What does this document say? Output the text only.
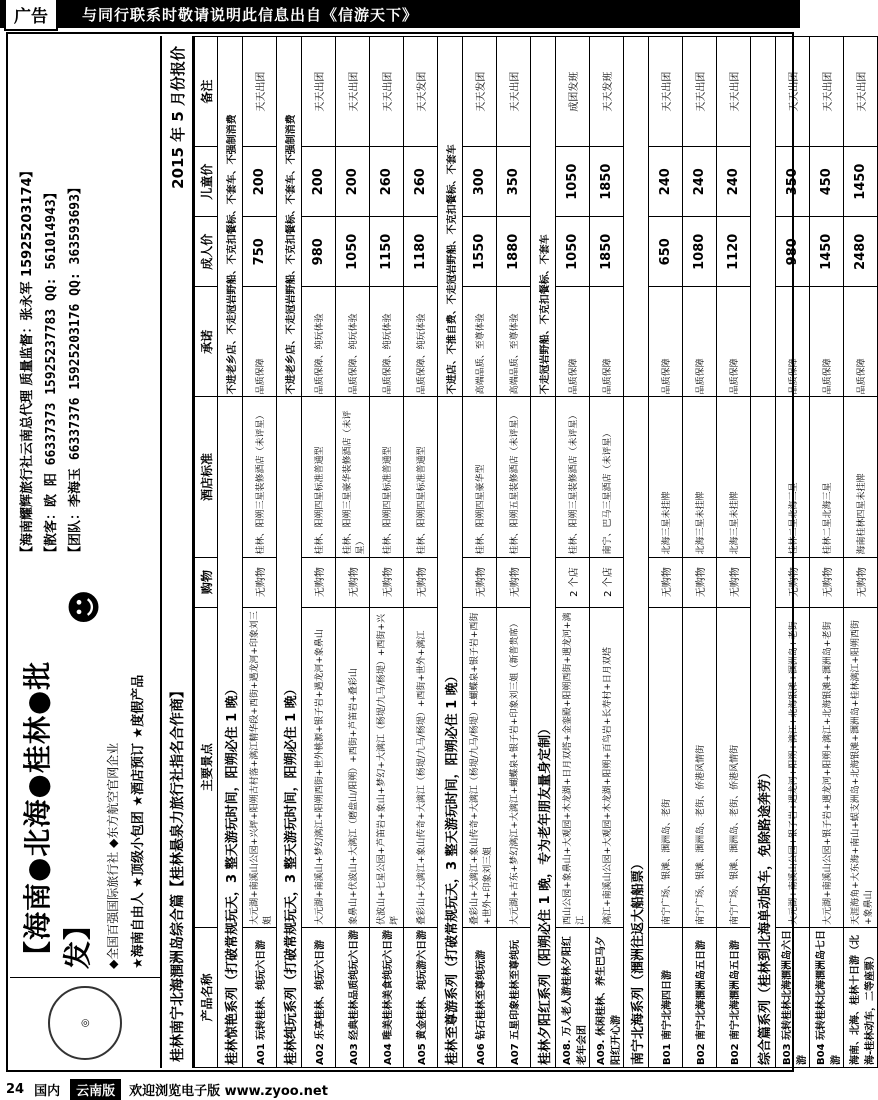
广告	与同行联系时敬请说明此信息出自《信游天下》
◎
【海南●北海●桂林●批发】 ◆全国百强国际旅行社 ◆东方航空官网企业 ★海南自由人 ★顶级小包团 ★酒店预订 ★度假产品
☻
【海南耀辉旅行社云南总代理 质量监督：张永军 15925203174】 【散客：欧 阳 66337373 15925237783 QQ: 561014943】 【团队：李海玉 66337376 15925203176 QQ: 363593693】
桂林南宁北海涠洲岛综合篇【桂林悬泉力旅行社指名合作商】
2015 年 5 月份报价
产品名称	主要景点	购物	酒店标准	承诺	成人价	儿童价	备注
桂林惊艳系列（打破常规玩天，3 整天游玩时间，阳朔必住 1 晚）				不进老乡店、不走冠岩野船、不克扣餐标、不套车、不强制消费			
A01 玩转桂林、纯玩六日游	大元湖+南溪山公园+兴坪+阳朔古村落+漓江精华段+西街+遇龙河+印象刘三姐	无购物	桂林、阳朔三星装修酒店（未评星）	品质保障	750	200	天天出团
桂林纯玩系列（打破常规玩天，3 整天游玩时间，阳朔必住 1 晚）				不进老乡店、不走冠岩野船、不克扣餐标、不套车、不强制消费			
A02 乐享桂林、纯玩六日游	大元湖+南溪山+梦幻漓江+阳朔西街+世外桃源+银子岩+遇龙河+象鼻山	无购物	桂林、阳朔四星标准普通型	品质保障、纯玩体验	980	200	天天出团
A03 经典桂林品质纯玩六日游	象鼻山+伏波山+大漓江（磨盘山/阳朔）+西街+芦笛岩+叠彩山	无购物	桂林、阳朔三星豪华装修酒店（未评星）	品质保障、纯玩体验	1050	200	天天出团
A04 唯美桂林美食纯玩六日游	伏波山+七星公园+芦笛岩+象山+梦幻+大漓江（杨堤/九马/杨堤）+西街+兴坪	无购物	桂林、阳朔四星标准普通型	品质保障、纯玩体验	1150	260	天天出团
A05 黄金桂林、纯玩游六日游	叠彩山+大漓江+象山传奇+大漓江（杨堤/九马/杨堤）+西街+世外+漓江	无购物	桂林、阳朔四星标准普通型	品质保障、纯玩体验	1180	260	天天发团
桂林至尊游系列（打破常规玩天，3 整天游玩时间，阳朔必住 1 晚）				不进店、不推自费、不走冠岩野船、不克扣餐标、不套车			
A06 钻石桂林至尊纯玩游	叠彩山+大漓江+象山传奇+大漓江（杨堤/九马/杨堤）+蝴蝶泉+银子岩+西街+世外+印象刘三姐	无购物	桂林、阳朔四星豪华型	高端品质、至尊体验	1550	300	天天发团
A07 五星印象桂林至尊纯玩	大元湖+古东+梦幻漓江+大漓江+蝴蝶泉+银子岩+印象刘三姐（新普贵席）	无购物	桂林、阳朔五星装修酒店（未评星）	高端品质、至尊体验	1880	350	天天出团
桂林夕阳红系列（阳朔必住 1 晚，专为老年朋友量身定制）				不走冠岩野船、不克扣餐标、不套车			
A08. 万人老人游桂林夕阳红老年会团	西山公园+象鼻山+大观园+木龙湖+日月双塔+金銮殿+阳朔西街+遇龙河+漓江	2 个店	桂林、阳朔三星装修酒店（未评星）	品质保障	1050	1050	成团发班
A09. 休闲桂林、养生巴马夕阳红开心游	漓江+南溪山公园+大观园+木龙湖+阳朔+百鸟岩+长寿村+日月双塔	2 个店	南宁、巴马三星酒店（未评星）	品质保障	1850	1850	天天发班
南宁北海系列（涠洲往返大船船票）							
B01 南宁北海四日游	南宁广场、银滩、涠洲岛、老街	无购物	北海三星未挂牌	品质保障	650	240	天天出团
B02 南宁北海涠洲岛五日游	南宁广场、银滩、涠洲岛、老街、侨港风情街	无购物	北海三星未挂牌	品质保障	1080	240	天天出团
B02 南宁北海涠洲岛五日游	南宁广场、银滩、涠洲岛、老街、侨港风情街	无购物	北海三星未挂牌	品质保障	1120	240	天天出团
综合篇系列（桂林到北海单动卧车，免除路途奔劳）							
B03 玩转桂林北海涠洲岛六日游	大元湖+南溪山公园+银子岩+遇龙河+阳朔+漓江+北海银滩+涠洲岛+老街	无购物	桂林二星北海三星	品质保障	980	350	天天出团
B04 玩转桂林北海涠洲岛七日游	大元湖+南溪山公园+银子岩+遇龙河+阳朔+漓江+北海银滩+涠洲岛+老街	无购物	桂林二星北海三星	品质保障	1450	450	天天出团
海南、北海、桂林十日游（北海-桂林动车，二等座票）	天涯海角+大东海+南山+蜈支洲岛+北海银滩+涠洲岛+桂林漓江+阳朔西街+象鼻山	无购物	海南桂林四星未挂牌	品质保障	2480	1450	天天出团
24 国内	云南版	欢迎浏览电子版 www.zyoo.net
